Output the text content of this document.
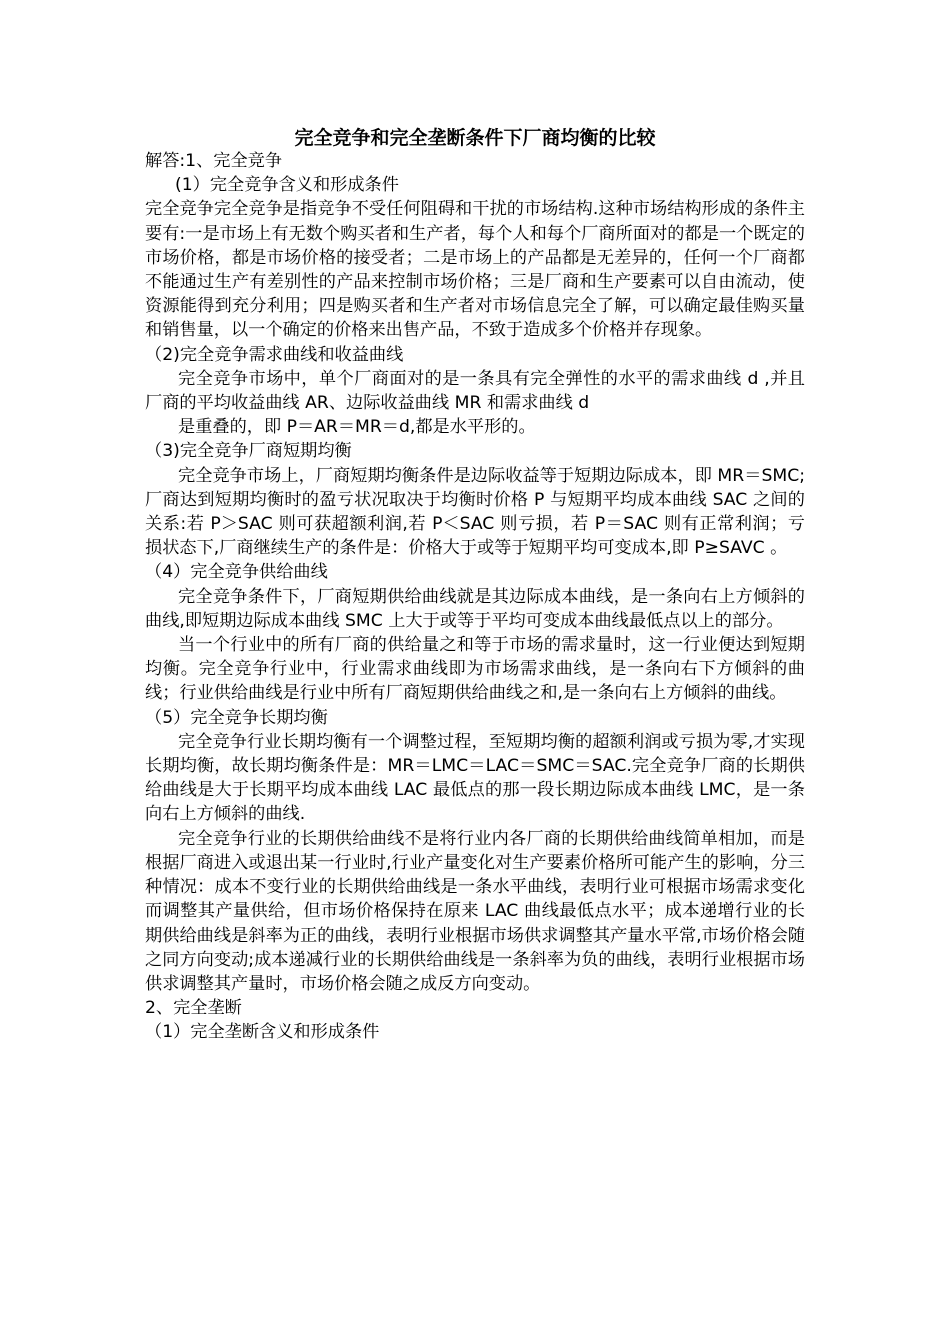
完全竞争和完全垄断条件下厂商均衡的比较

解答:1、完全竞争

(1）完全竞争含义和形成条件

完全竞争完全竞争是指竞争不受任何阻碍和干扰的市场结构.这种市场结构形成的条件主要有:一是市场上有无数个购买者和生产者，每个人和每个厂商所面对的都是一个既定的市场价格，都是市场价格的接受者；二是市场上的产品都是无差异的，任何一个厂商都不能通过生产有差别性的产品来控制市场价格；三是厂商和生产要素可以自由流动，使资源能得到充分利用；四是购买者和生产者对市场信息完全了解，可以确定最佳购买量和销售量，以一个确定的价格来出售产品，不致于造成多个价格并存现象。

（2)完全竞争需求曲线和收益曲线

完全竞争市场中，单个厂商面对的是一条具有完全弹性的水平的需求曲线 d ,并且厂商的平均收益曲线 AR、边际收益曲线 MR 和需求曲线 d

是重叠的，即 P＝AR＝MR＝d,都是水平形的。

（3)完全竞争厂商短期均衡

完全竞争市场上，厂商短期均衡条件是边际收益等于短期边际成本，即 MR＝SMC;厂商达到短期均衡时的盈亏状况取决于均衡时价格 P 与短期平均成本曲线 SAC 之间的关系:若 P＞SAC 则可获超额利润,若 P＜SAC 则亏损，若 P＝SAC 则有正常利润；亏损状态下,厂商继续生产的条件是：价格大于或等于短期平均可变成本,即 P≥SAVC 。

（4）完全竞争供给曲线

完全竞争条件下，厂商短期供给曲线就是其边际成本曲线，是一条向右上方倾斜的曲线,即短期边际成本曲线 SMC 上大于或等于平均可变成本曲线最低点以上的部分。

当一个行业中的所有厂商的供给量之和等于市场的需求量时，这一行业便达到短期均衡。完全竞争行业中，行业需求曲线即为市场需求曲线，是一条向右下方倾斜的曲线；行业供给曲线是行业中所有厂商短期供给曲线之和,是一条向右上方倾斜的曲线。

（5）完全竞争长期均衡

完全竞争行业长期均衡有一个调整过程，至短期均衡的超额利润或亏损为零,才实现长期均衡，故长期均衡条件是：MR＝LMC＝LAC＝SMC＝SAC.完全竞争厂商的长期供给曲线是大于长期平均成本曲线 LAC 最低点的那一段长期边际成本曲线 LMC，是一条向右上方倾斜的曲线.

完全竞争行业的长期供给曲线不是将行业内各厂商的长期供给曲线简单相加，而是根据厂商进入或退出某一行业时,行业产量变化对生产要素价格所可能产生的影响，分三种情况：成本不变行业的长期供给曲线是一条水平曲线，表明行业可根据市场需求变化而调整其产量供给，但市场价格保持在原来 LAC 曲线最低点水平；成本递增行业的长期供给曲线是斜率为正的曲线，表明行业根据市场供求调整其产量水平常,市场价格会随之同方向变动;成本递减行业的长期供给曲线是一条斜率为负的曲线，表明行业根据市场供求调整其产量时，市场价格会随之成反方向变动。

2、完全垄断

（1）完全垄断含义和形成条件
